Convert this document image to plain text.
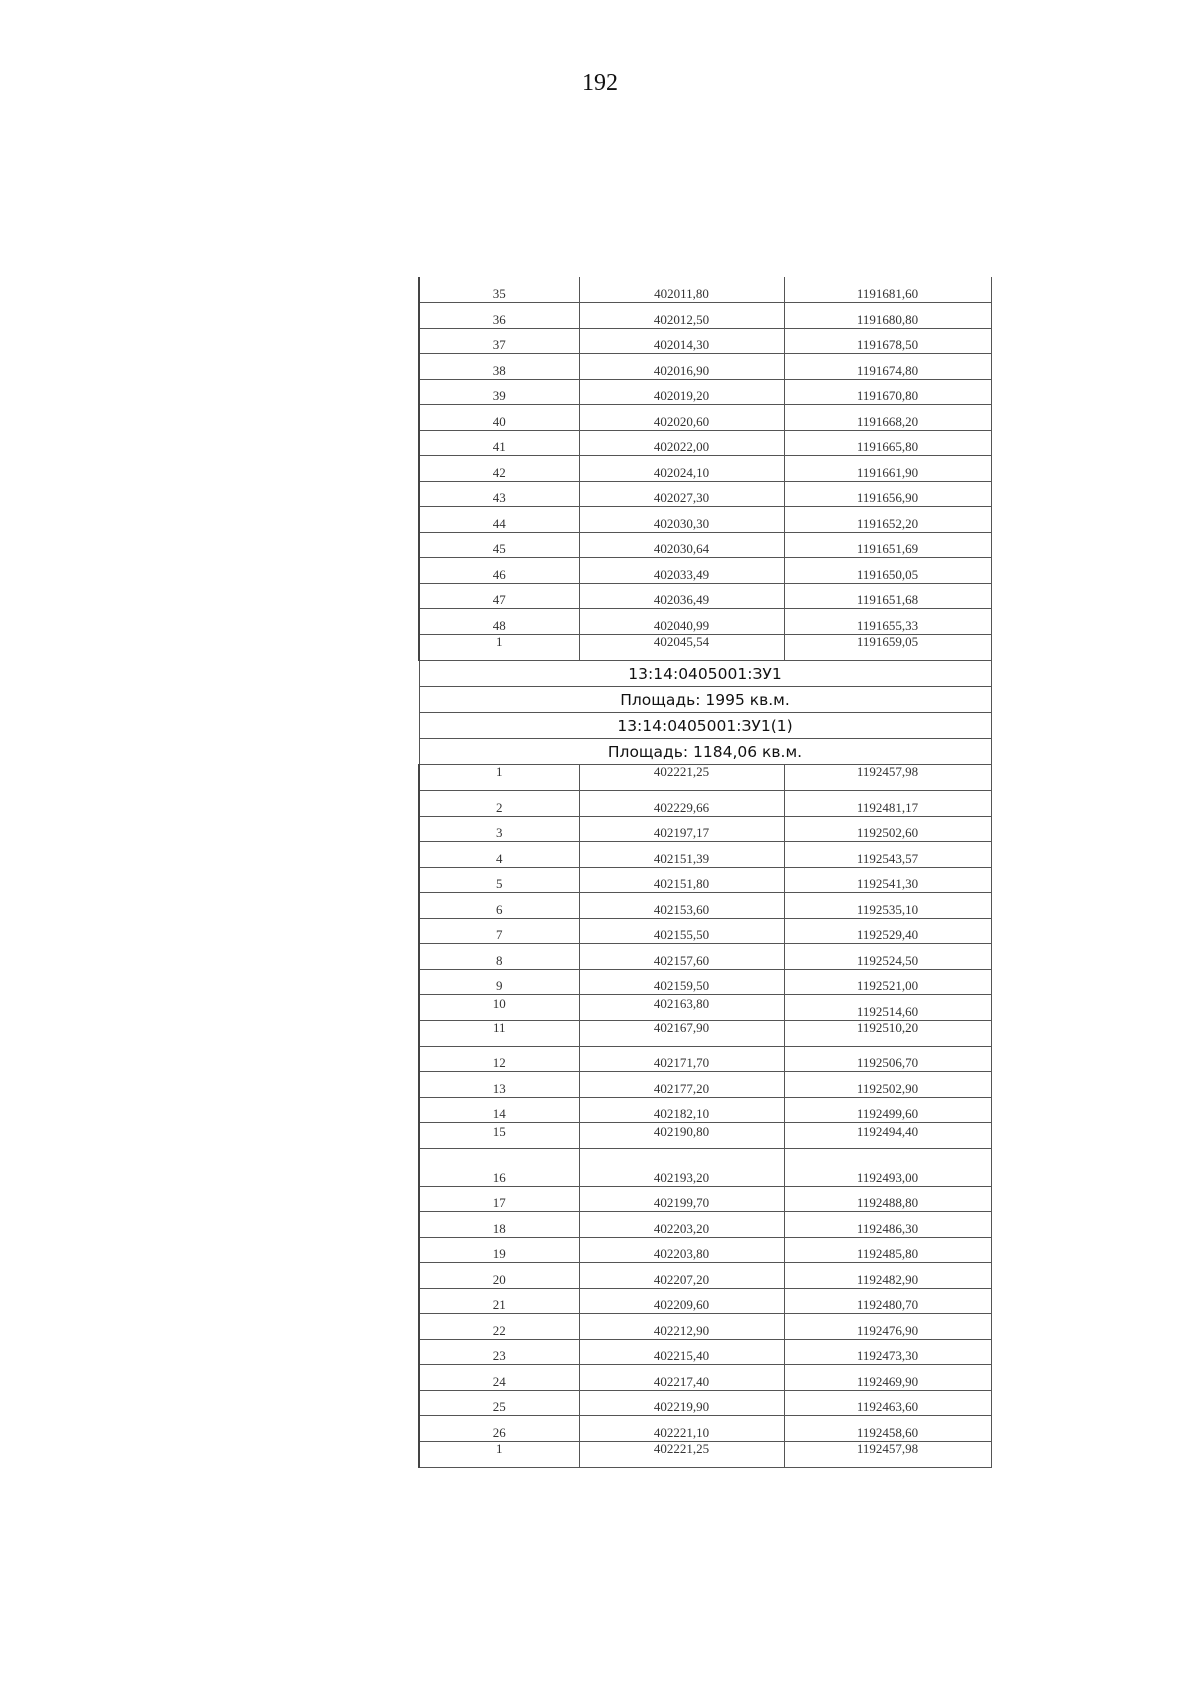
192
35	402011,80	1191681,60
36	402012,50	1191680,80
37	402014,30	1191678,50
38	402016,90	1191674,80
39	402019,20	1191670,80
40	402020,60	1191668,20
41	402022,00	1191665,80
42	402024,10	1191661,90
43	402027,30	1191656,90
44	402030,30	1191652,20
45	402030,64	1191651,69
46	402033,49	1191650,05
47	402036,49	1191651,68
48	402040,99	1191655,33
1	402045,54	1191659,05
13:14:0405001:ЗУ1		
Площадь: 1995 кв.м.		
13:14:0405001:ЗУ1(1)		
Площадь: 1184,06 кв.м.		
1	402221,25	1192457,98
2	402229,66	1192481,17
3	402197,17	1192502,60
4	402151,39	1192543,57
5	402151,80	1192541,30
6	402153,60	1192535,10
7	402155,50	1192529,40
8	402157,60	1192524,50
9	402159,50	1192521,00
10	402163,80	1192514,60
11	402167,90	1192510,20
12	402171,70	1192506,70
13	402177,20	1192502,90
14	402182,10	1192499,60
15	402190,80	1192494,40
16	402193,20	1192493,00
17	402199,70	1192488,80
18	402203,20	1192486,30
19	402203,80	1192485,80
20	402207,20	1192482,90
21	402209,60	1192480,70
22	402212,90	1192476,90
23	402215,40	1192473,30
24	402217,40	1192469,90
25	402219,90	1192463,60
26	402221,10	1192458,60
1	402221,25	1192457,98
